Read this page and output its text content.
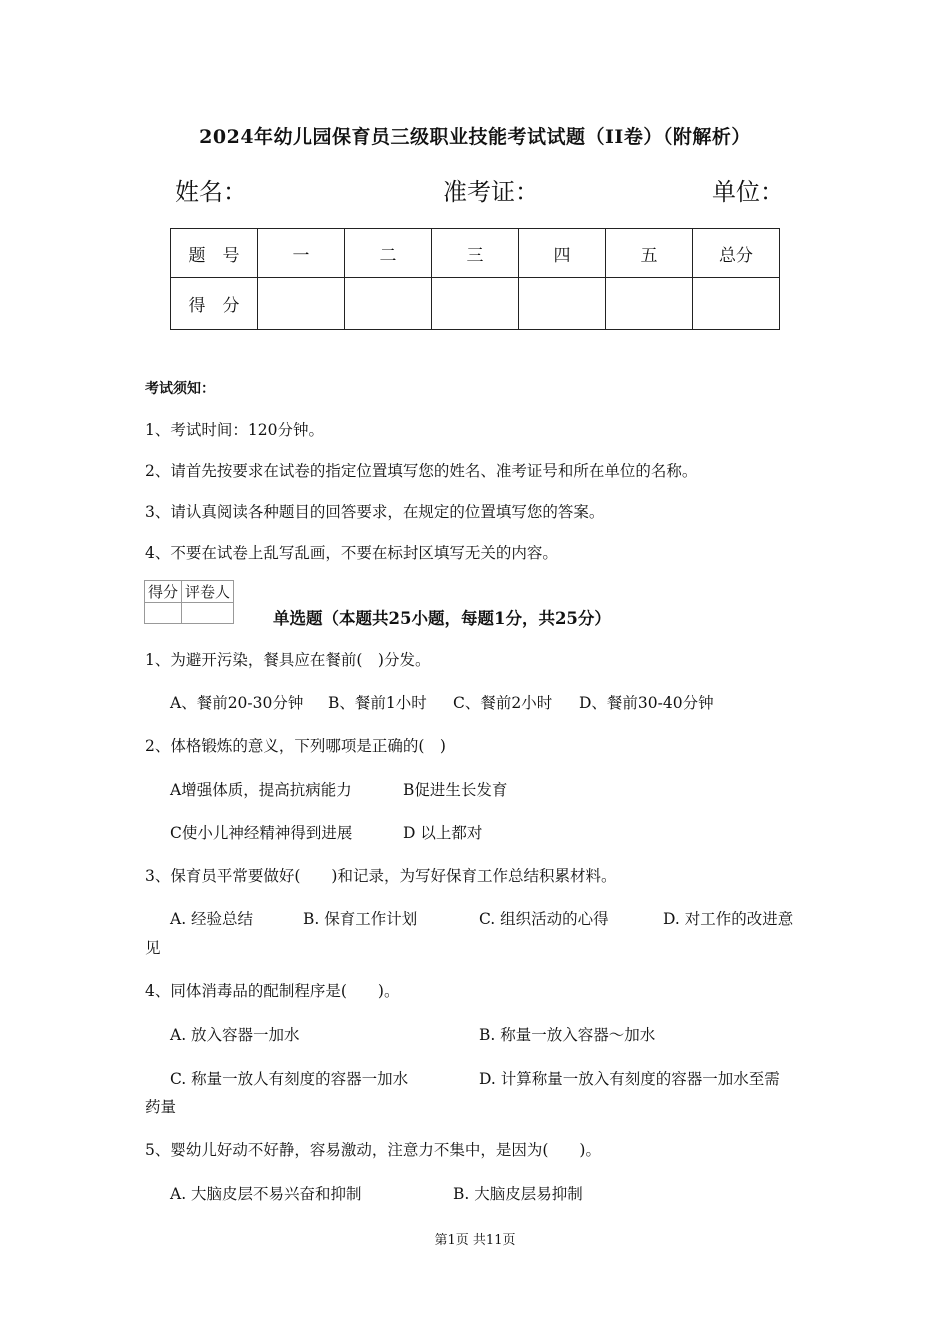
2024年幼儿园保育员三级职业技能考试试题（II卷）（附解析）
姓名：	准考证：	单位：
题　号	一	二	三	四	五	总分
得　分						
考试须知：
1、考试时间：120分钟。
2、请首先按要求在试卷的指定位置填写您的姓名、准考证号和所在单位的名称。
3、请认真阅读各种题目的回答要求，在规定的位置填写您的答案。
4、不要在试卷上乱写乱画，不要在标封区填写无关的内容。
得分	评卷人

单选题（本题共25小题，每题1分，共25分）
1、为避开污染，餐具应在餐前(　)分发。
A、餐前20-30分钟 B、餐前1小时 C、餐前2小时 D、餐前30-40分钟
2、体格锻炼的意义，下列哪项是正确的(　)
A增强体质，提高抗病能力	B促进生长发育
C使小儿神经精神得到进展	D 以上都对
3、保育员平常要做好(　　)和记录，为写好保育工作总结积累材料。
A. 经验总结	B. 保育工作计划	C. 组织活动的心得	D. 对工作的改进意
见
4、同体消毒品的配制程序是(　　)。
A. 放入容器一加水	B. 称量一放入容器～加水
C. 称量一放人有刻度的容器一加水	D. 计算称量一放入有刻度的容器一加水至需
药量
5、婴幼儿好动不好静，容易激动，注意力不集中，是因为(　　)。
A. 大脑皮层不易兴奋和抑制	B. 大脑皮层易抑制
第1页 共11页
